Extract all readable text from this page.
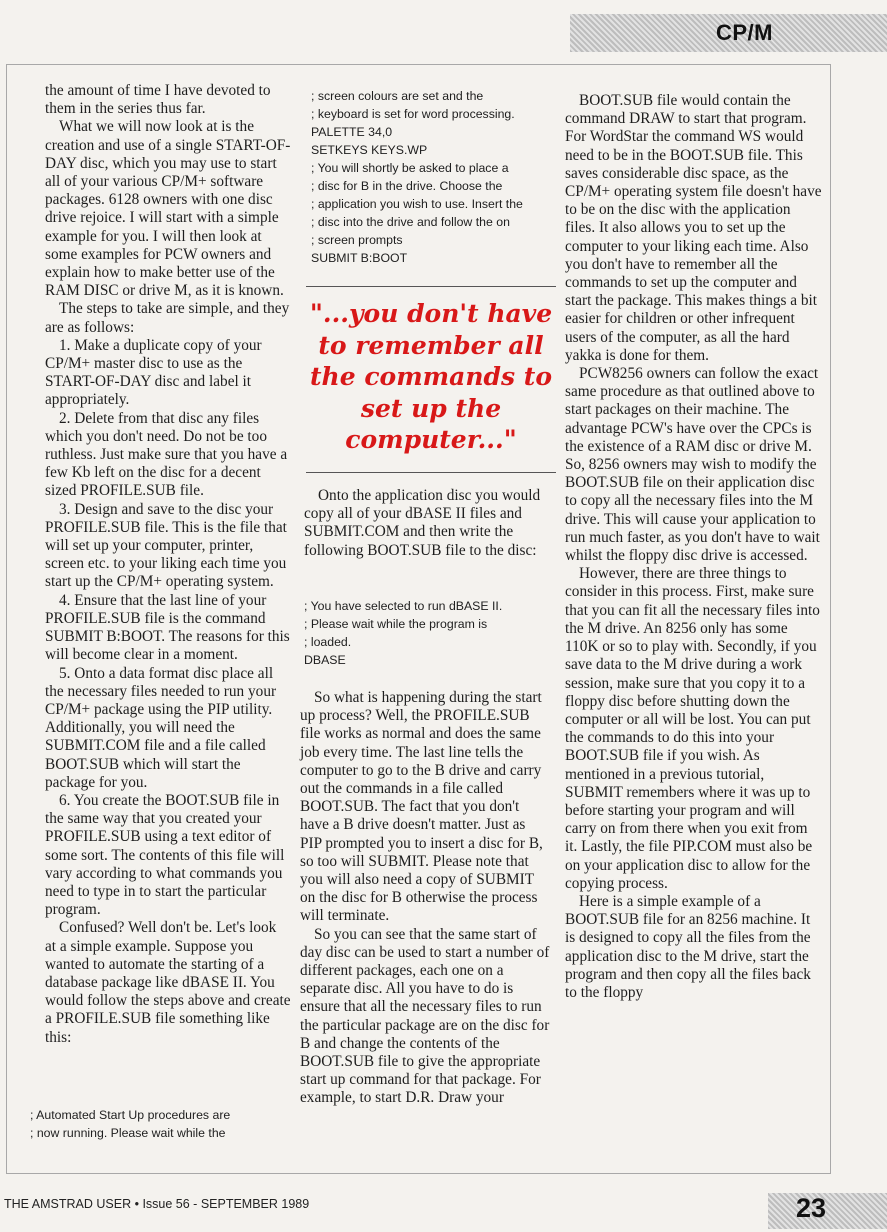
CP/M

the amount of time I have devoted to them in the series thus far.

What we will now look at is the creation and use of a single START-OF-DAY disc, which you may use to start all of your various CP/M+ software packages. 6128 owners with one disc drive rejoice. I will start with a simple example for you. I will then look at some examples for PCW owners and explain how to make better use of the RAM DISC or drive M, as it is known.

The steps to take are simple, and they are as follows:

1. Make a duplicate copy of your CP/M+ master disc to use as the START-OF-DAY disc and label it appropriately.

2. Delete from that disc any files which you don't need. Do not be too ruthless. Just make sure that you have a few Kb left on the disc for a decent sized PROFILE.SUB file.

3. Design and save to the disc your PROFILE.SUB file. This is the file that will set up your computer, printer, screen etc. to your liking each time you start up the CP/M+ operating system.

4. Ensure that the last line of your PROFILE.SUB file is the command SUBMIT B:BOOT. The reasons for this will become clear in a moment.

5. Onto a data format disc place all the necessary files needed to run your CP/M+ package using the PIP utility. Additionally, you will need the SUBMIT.COM file and a file called BOOT.SUB which will start the package for you.

6. You create the BOOT.SUB file in the same way that you created your PROFILE.SUB using a text editor of some sort. The contents of this file will vary according to what commands you need to type in to start the particular program.

Confused? Well don't be. Let's look at a simple example. Suppose you wanted to automate the starting of a database package like dBASE II. You would follow the steps above and create a PROFILE.SUB file something like this:

; Automated Start Up procedures are
; now running. Please wait while the
; screen colours are set and the
; keyboard is set for word processing.
PALETTE 34,0
SETKEYS KEYS.WP
; You will shortly be asked to place a
; disc for B in the drive. Choose the
; application you wish to use. Insert the
; disc into the drive and follow the on
; screen prompts
SUBMIT B:BOOT
"...you don't have to remember all the commands to set up the computer..."

Onto the application disc you would copy all of your dBASE II files and SUBMIT.COM and then write the following BOOT.SUB file to the disc:

; You have selected to run dBASE II.
; Please wait while the program is
; loaded.
DBASE

So what is happening during the start up process? Well, the PROFILE.SUB file works as normal and does the same job every time. The last line tells the computer to go to the B drive and carry out the commands in a file called BOOT.SUB. The fact that you don't have a B drive doesn't matter. Just as PIP prompted you to insert a disc for B, so too will SUBMIT. Please note that you will also need a copy of SUBMIT on the disc for B otherwise the process will terminate.

So you can see that the same start of day disc can be used to start a number of different packages, each one on a separate disc. All you have to do is ensure that all the necessary files to run the particular package are on the disc for B and change the contents of the BOOT.SUB file to give the appropriate start up command for that package. For example, to start D.R. Draw your

BOOT.SUB file would contain the command DRAW to start that program. For WordStar the command WS would need to be in the BOOT.SUB file. This saves considerable disc space, as the CP/M+ operating system file doesn't have to be on the disc with the application files. It also allows you to set up the computer to your liking each time. Also you don't have to remember all the commands to set up the computer and start the package. This makes things a bit easier for children or other infrequent users of the computer, as all the hard yakka is done for them.

PCW8256 owners can follow the exact same procedure as that outlined above to start packages on their machine. The advantage PCW's have over the CPCs is the existence of a RAM disc or drive M. So, 8256 owners may wish to modify the BOOT.SUB file on their application disc to copy all the necessary files into the M drive. This will cause your application to run much faster, as you don't have to wait whilst the floppy disc drive is accessed.

However, there are three things to consider in this process. First, make sure that you can fit all the necessary files into the M drive. An 8256 only has some 110K or so to play with. Secondly, if you save data to the M drive during a work session, make sure that you copy it to a floppy disc before shutting down the computer or all will be lost. You can put the commands to do this into your BOOT.SUB file if you wish. As mentioned in a previous tutorial, SUBMIT remembers where it was up to before starting your program and will carry on from there when you exit from it. Lastly, the file PIP.COM must also be on your application disc to allow for the copying process.

Here is a simple example of a BOOT.SUB file for an 8256 machine. It is designed to copy all the files from the application disc to the M drive, start the program and then copy all the files back to the floppy

THE AMSTRAD USER • Issue 56 - SEPTEMBER 1989	23
